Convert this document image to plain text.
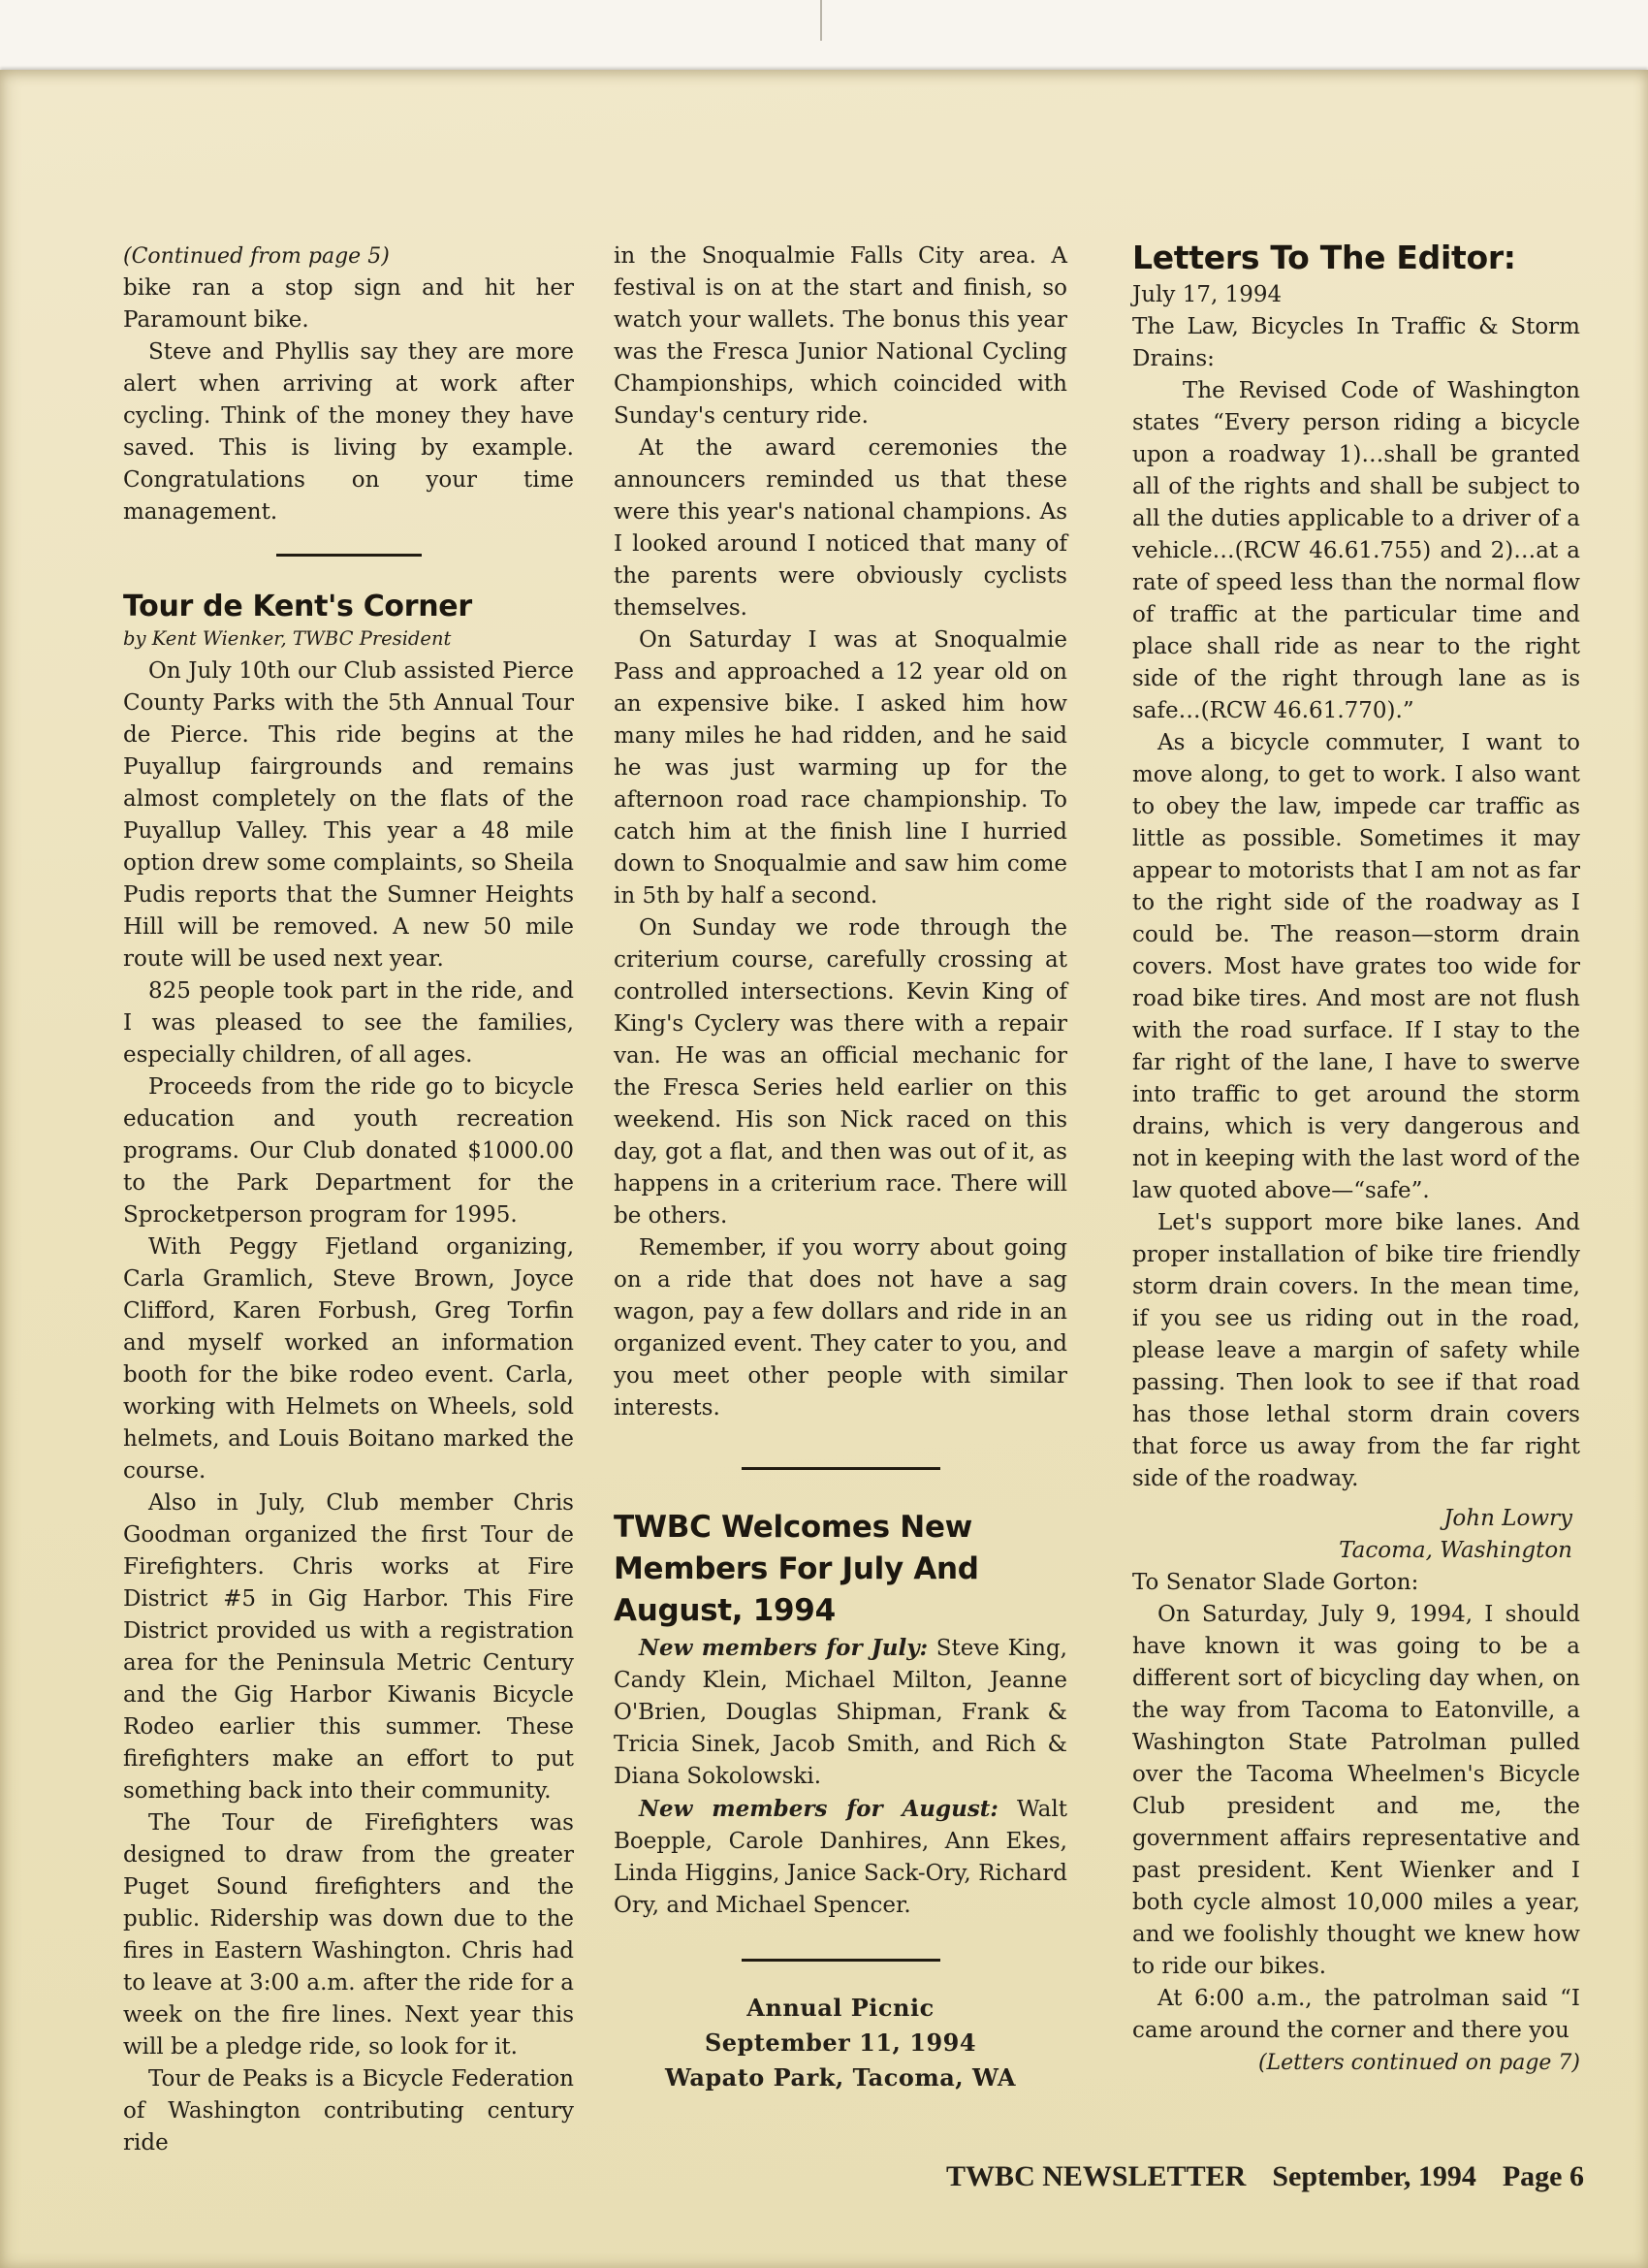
(Continued from page 5)

bike ran a stop sign and hit her Paramount bike.

Steve and Phyllis say they are more alert when arriving at work after cycling. Think of the money they have saved. This is living by example. Congratulations on your time management.

Tour de Kent's Corner

by Kent Wienker, TWBC President

On July 10th our Club assisted Pierce County Parks with the 5th Annual Tour de Pierce. This ride begins at the Puyallup fairgrounds and remains almost completely on the flats of the Puyallup Valley. This year a 48 mile option drew some complaints, so Sheila Pudis reports that the Sumner Heights Hill will be removed. A new 50 mile route will be used next year.

825 people took part in the ride, and I was pleased to see the families, especially children, of all ages.

Proceeds from the ride go to bicycle education and youth recreation programs. Our Club donated $1000.00 to the Park Department for the Sprocketperson program for 1995.

With Peggy Fjetland organizing, Carla Gramlich, Steve Brown, Joyce Clifford, Karen Forbush, Greg Torfin and myself worked an information booth for the bike rodeo event. Carla, working with Helmets on Wheels, sold helmets, and Louis Boitano marked the course.

Also in July, Club member Chris Goodman organized the first Tour de Firefighters. Chris works at Fire District #5 in Gig Harbor. This Fire District provided us with a registration area for the Peninsula Metric Century and the Gig Harbor Kiwanis Bicycle Rodeo earlier this summer. These firefighters make an effort to put something back into their community.

The Tour de Firefighters was designed to draw from the greater Puget Sound firefighters and the public. Ridership was down due to the fires in Eastern Washington. Chris had to leave at 3:00 a.m. after the ride for a week on the fire lines. Next year this will be a pledge ride, so look for it.

Tour de Peaks is a Bicycle Federation of Washington contributing century ride

in the Snoqualmie Falls City area. A festival is on at the start and finish, so watch your wallets. The bonus this year was the Fresca Junior National Cycling Championships, which coincided with Sunday's century ride.

At the award ceremonies the announcers reminded us that these were this year's national champions. As I looked around I noticed that many of the parents were obviously cyclists themselves.

On Saturday I was at Snoqualmie Pass and approached a 12 year old on an expensive bike. I asked him how many miles he had ridden, and he said he was just warming up for the afternoon road race championship. To catch him at the finish line I hurried down to Snoqualmie and saw him come in 5th by half a second.

On Sunday we rode through the criterium course, carefully crossing at controlled intersections. Kevin King of King's Cyclery was there with a repair van. He was an official mechanic for the Fresca Series held earlier on this weekend. His son Nick raced on this day, got a flat, and then was out of it, as happens in a criterium race. There will be others.

Remember, if you worry about going on a ride that does not have a sag wagon, pay a few dollars and ride in an organized event. They cater to you, and you meet other people with similar interests.

TWBC Welcomes New Members For July And August, 1994

New members for July: Steve King, Candy Klein, Michael Milton, Jeanne O'Brien, Douglas Shipman, Frank & Tricia Sinek, Jacob Smith, and Rich & Diana Sokolowski.

New members for August: Walt Boepple, Carole Danhires, Ann Ekes, Linda Higgins, Janice Sack-Ory, Richard Ory, and Michael Spencer.

Annual Picnic
September 11, 1994
Wapato Park, Tacoma, WA
Letters To The Editor:

July 17, 1994

The Law, Bicycles In Traffic & Storm Drains:

The Revised Code of Washington states “Every person riding a bicycle upon a roadway 1)…shall be granted all of the rights and shall be subject to all the duties applicable to a driver of a vehicle…(RCW 46.61.755) and 2)…at a rate of speed less than the normal flow of traffic at the particular time and place shall ride as near to the right side of the right through lane as is safe…(RCW 46.61.770).”

As a bicycle commuter, I want to move along, to get to work. I also want to obey the law, impede car traffic as little as possible. Sometimes it may appear to motorists that I am not as far to the right side of the roadway as I could be. The reason—storm drain covers. Most have grates too wide for road bike tires. And most are not flush with the road surface. If I stay to the far right of the lane, I have to swerve into traffic to get around the storm drains, which is very dangerous and not in keeping with the last word of the law quoted above—“safe”.

Let's support more bike lanes. And proper installation of bike tire friendly storm drain covers. In the mean time, if you see us riding out in the road, please leave a margin of safety while passing. Then look to see if that road has those lethal storm drain covers that force us away from the far right side of the roadway.

John Lowry

Tacoma, Washington

To Senator Slade Gorton:

On Saturday, July 9, 1994, I should have known it was going to be a different sort of bicycling day when, on the way from Tacoma to Eatonville, a Washington State Patrolman pulled over the Tacoma Wheelmen's Bicycle Club president and me, the government affairs representative and past president. Kent Wienker and I both cycle almost 10,000 miles a year, and we foolishly thought we knew how to ride our bikes.

At 6:00 a.m., the patrolman said “I came around the corner and there you

(Letters continued on page 7)

TWBC NEWSLETTER September, 1994 Page 6
